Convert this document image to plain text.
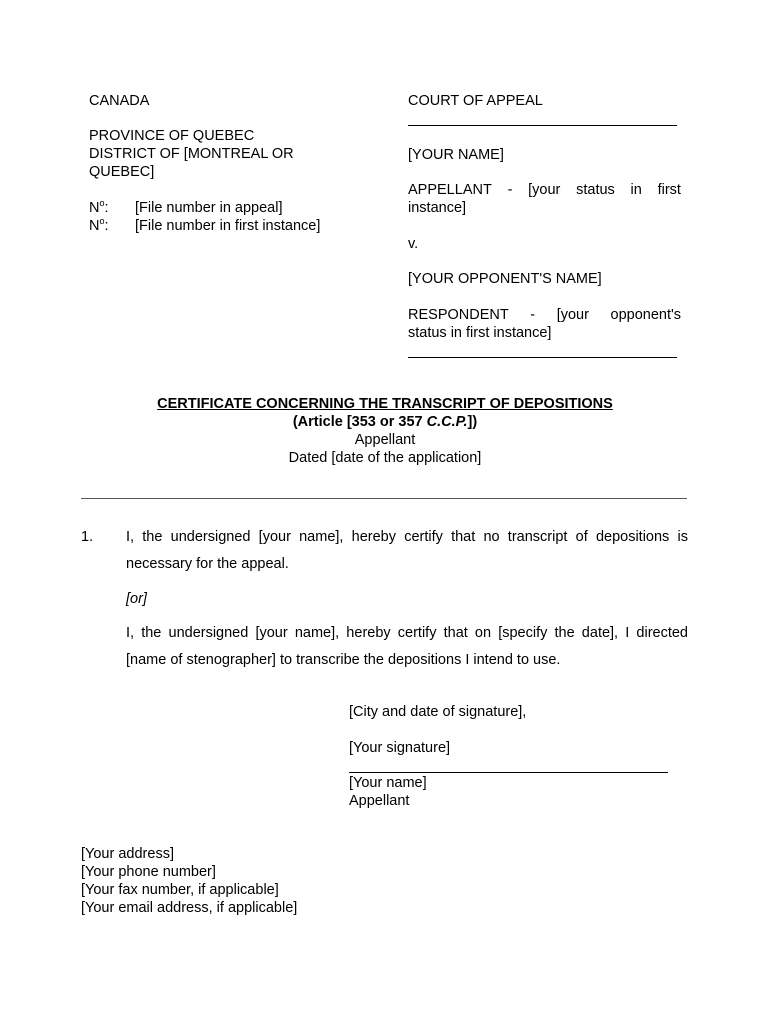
CANADA
PROVINCE OF QUEBEC
DISTRICT OF [MONTREAL OR
QUEBEC]
$N^o$: [File number in appeal]
$N^o$: [File number in first instance]
COURT OF APPEAL
[YOUR NAME]
APPELLANT - [your status in first
instance]
v.
[YOUR OPPONENT'S NAME]
RESPONDENT - [your opponent's
status in first instance]
CERTIFICATE CONCERNING THE TRANSCRIPT OF DEPOSITIONS
(Article [353 or 357 C.C.P.])
Appellant
Dated [date of the application]
1. I, the undersigned [your name], hereby certify that no transcript of depositions is
necessary for the appeal.
[or]
I, the undersigned [your name], hereby certify that on [specify the date], I directed
[name of stenographer] to transcribe the depositions I intend to use.
[City and date of signature],
[Your signature]
[Your name]
Appellant
[Your address]
[Your phone number]
[Your fax number, if applicable]
[Your email address, if applicable]
